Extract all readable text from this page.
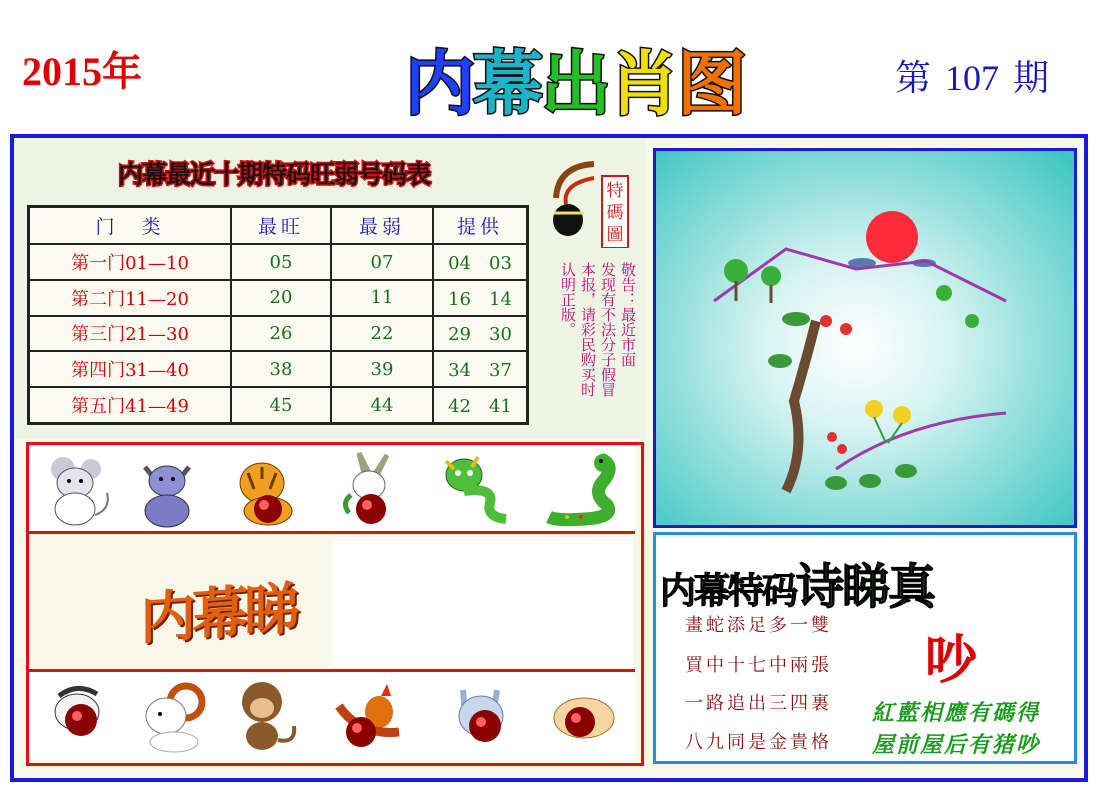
2015年	内幕出肖图	第 107 期
内幕最近十期特码旺弱号码表
门　类	最旺	最弱	提供
第一门01—10	05	07	04　03
第二门11—20	20	11	16　14
第三门21—30	26	22	29　30
第四门31—40	38	39	34　37
第五门41—49	45	44	42　41
特
碼
圖
敬告：最近市面
发现有不法分子假冒
本报，请彩民购买时
认明正版。
内幕睇	内幕特码诗睇真
畫蛇添足多一雙
買中十七中兩張
一路追出三四裏
八九同是金貴格
吵
紅藍相應有碼得
屋前屋后有猪吵
